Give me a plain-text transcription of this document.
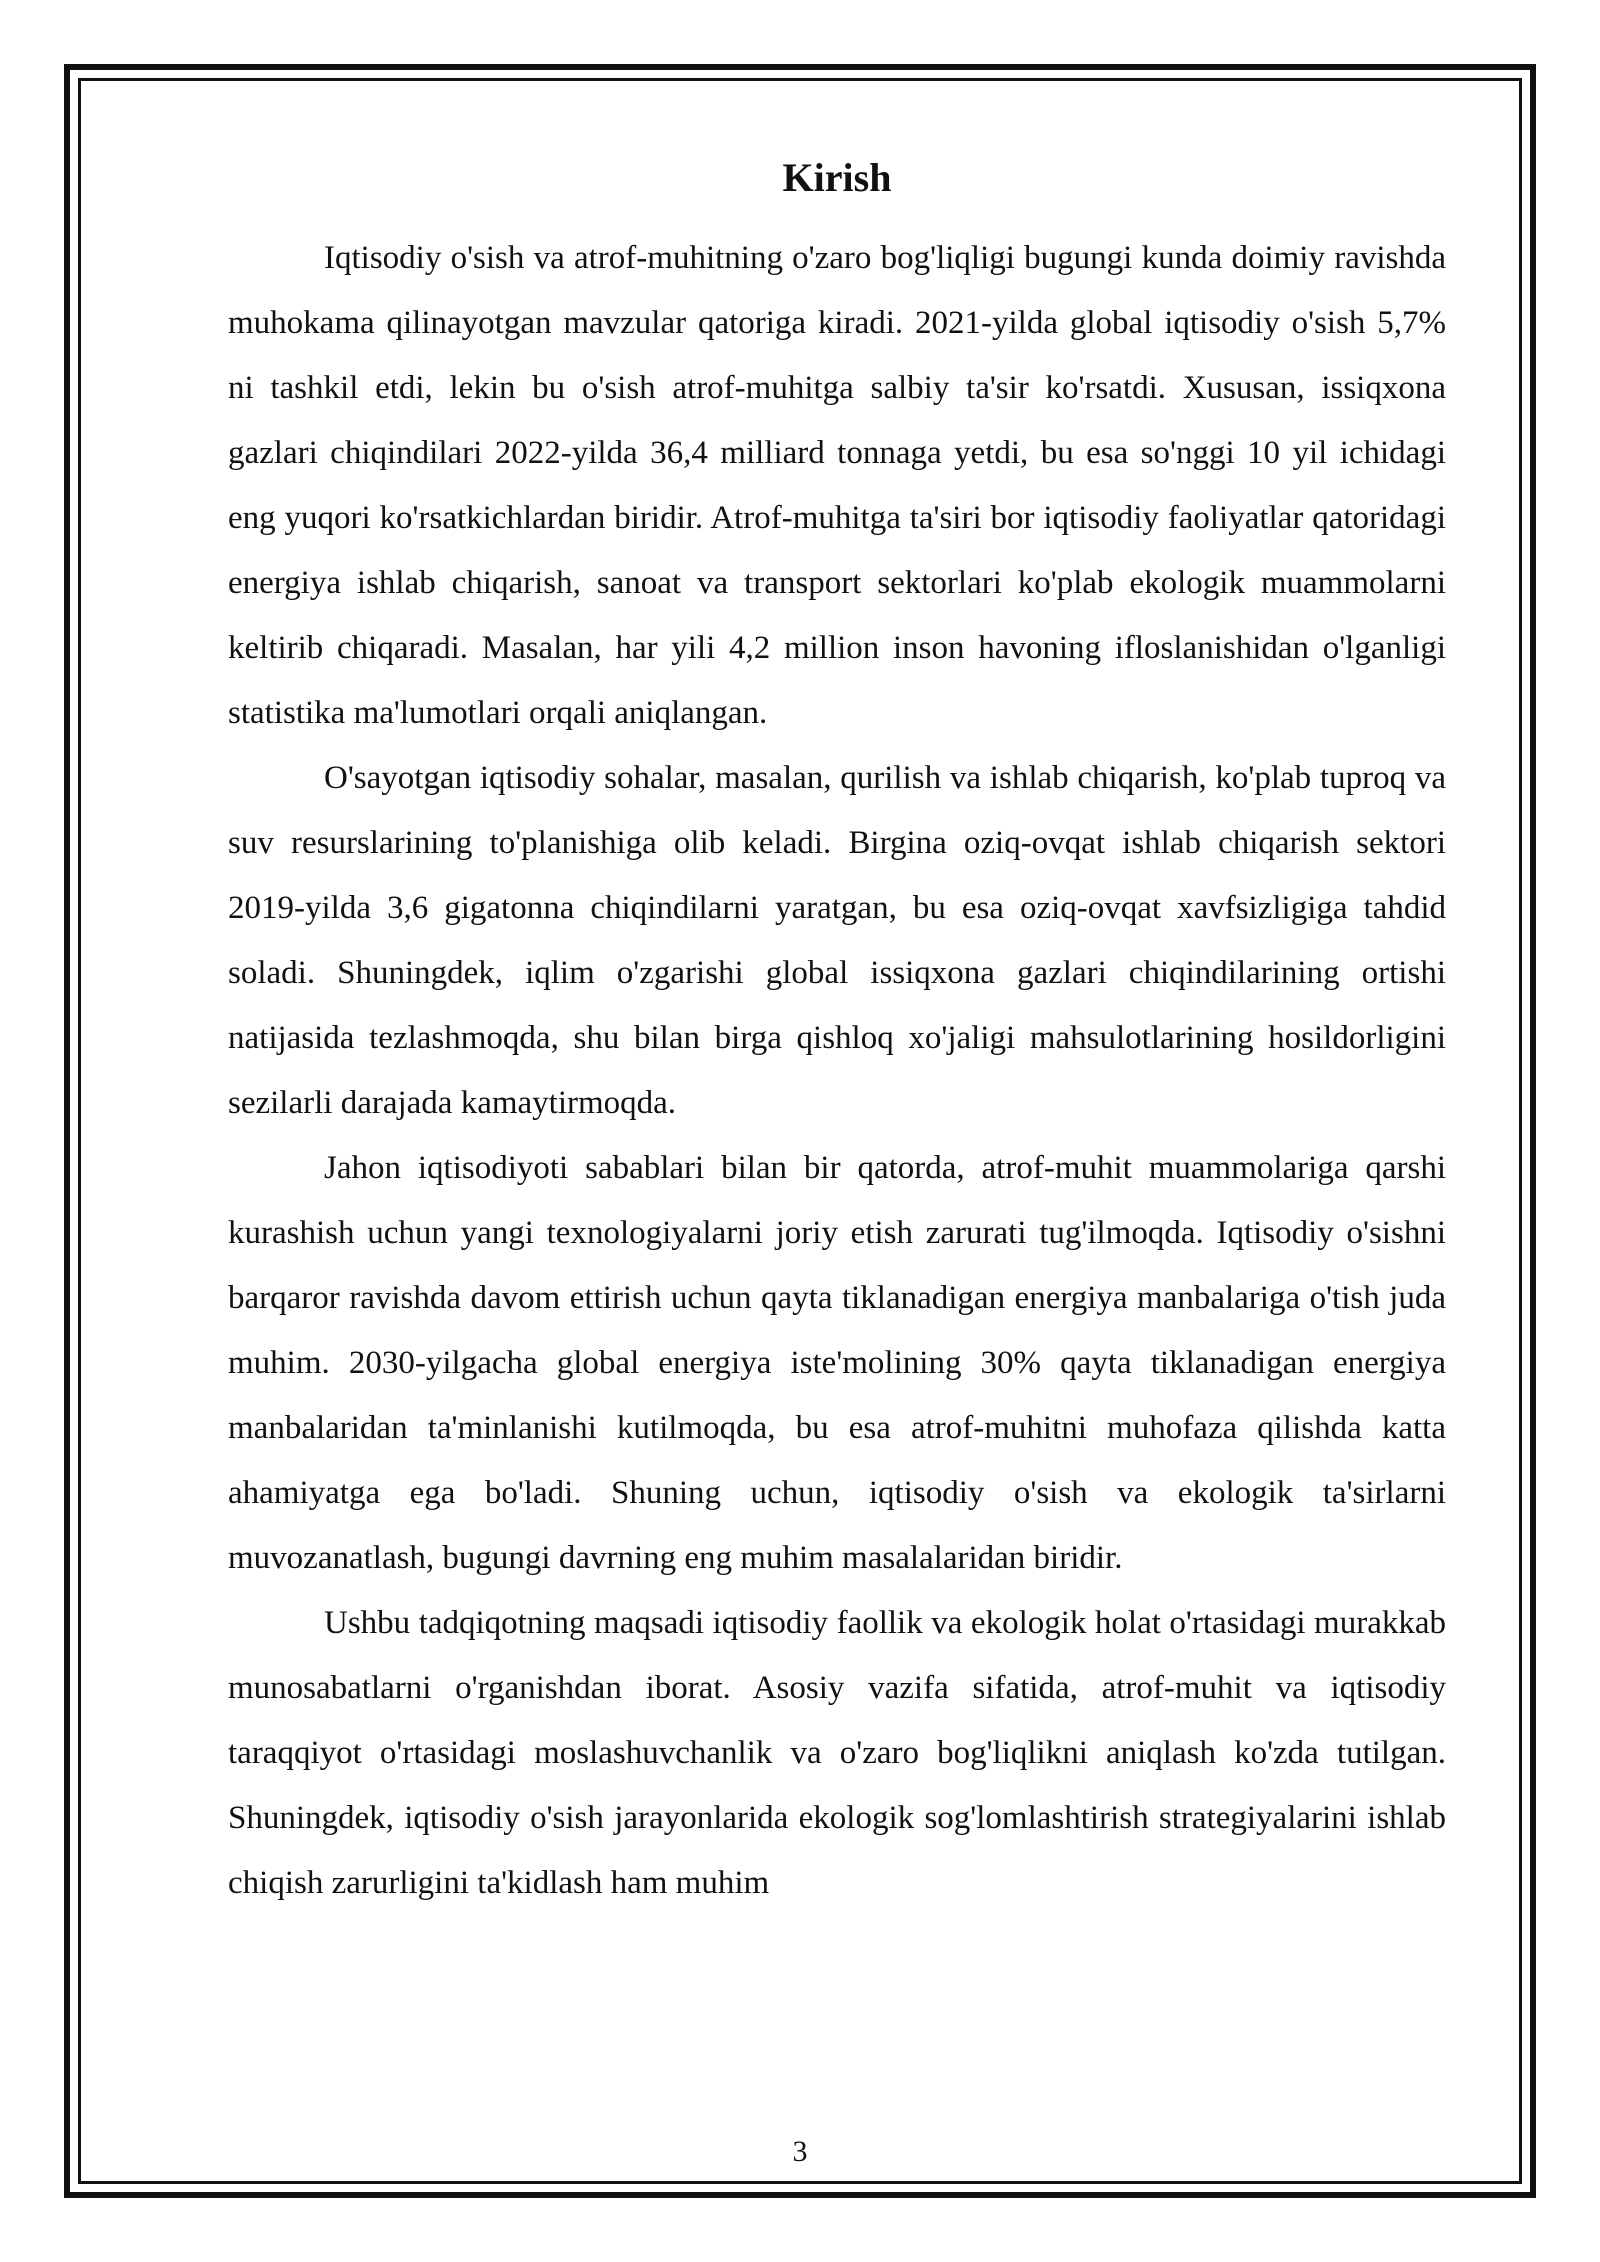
Kirish

Iqtisodiy o'sish va atrof-muhitning o'zaro bog'liqligi bugungi kunda doimiy ravishda muhokama qilinayotgan mavzular qatoriga kiradi. 2021-yilda global iqtisodiy o'sish 5,7% ni tashkil etdi, lekin bu o'sish atrof-muhitga salbiy ta'sir ko'rsatdi. Xususan, issiqxona gazlari chiqindilari 2022-yilda 36,4 milliard tonnaga yetdi, bu esa so'nggi 10 yil ichidagi eng yuqori ko'rsatkichlardan biridir. Atrof-muhitga ta'siri bor iqtisodiy faoliyatlar qatoridagi energiya ishlab chiqarish, sanoat va transport sektorlari ko'plab ekologik muammolarni keltirib chiqaradi. Masalan, har yili 4,2 million inson havoning ifloslanishidan o'lganligi statistika ma'lumotlari orqali aniqlangan.

O'sayotgan iqtisodiy sohalar, masalan, qurilish va ishlab chiqarish, ko'plab tuproq va suv resurslarining to'planishiga olib keladi. Birgina oziq-ovqat ishlab chiqarish sektori 2019-yilda 3,6 gigatonna chiqindilarni yaratgan, bu esa oziq-ovqat xavfsizligiga tahdid soladi. Shuningdek, iqlim o'zgarishi global issiqxona gazlari chiqindilarining ortishi natijasida tezlashmoqda, shu bilan birga qishloq xo'jaligi mahsulotlarining hosildorligini sezilarli darajada kamaytirmoqda.

Jahon iqtisodiyoti sabablari bilan bir qatorda, atrof-muhit muammolariga qarshi kurashish uchun yangi texnologiyalarni joriy etish zarurati tug'ilmoqda. Iqtisodiy o'sishni barqaror ravishda davom ettirish uchun qayta tiklanadigan energiya manbalariga o'tish juda muhim. 2030-yilgacha global energiya iste'molining 30% qayta tiklanadigan energiya manbalaridan ta'minlanishi kutilmoqda, bu esa atrof-muhitni muhofaza qilishda katta ahamiyatga ega bo'ladi. Shuning uchun, iqtisodiy o'sish va ekologik ta'sirlarni muvozanatlash, bugungi davrning eng muhim masalalaridan biridir.

Ushbu tadqiqotning maqsadi iqtisodiy faollik va ekologik holat o'rtasidagi murakkab munosabatlarni o'rganishdan iborat. Asosiy vazifa sifatida, atrof-muhit va iqtisodiy taraqqiyot o'rtasidagi moslashuvchanlik va o'zaro bog'liqlikni aniqlash ko'zda tutilgan. Shuningdek, iqtisodiy o'sish jarayonlarida ekologik sog'lomlashtirish strategiyalarini ishlab chiqish zarurligini ta'kidlash ham muhim

3
